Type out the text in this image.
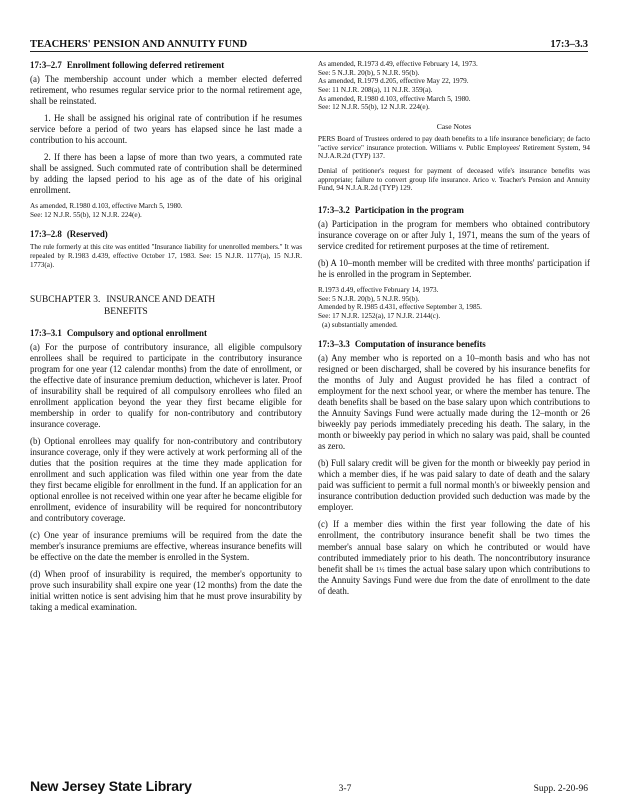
TEACHERS' PENSION AND ANNUITY FUND	17:3–3.3
17:3–2.7 Enrollment following deferred retirement

(a) The membership account under which a member elected deferred retirement, who resumes regular service prior to the normal retirement age, shall be reinstated.

1. He shall be assigned his original rate of contribution if he resumes service before a period of two years has elapsed since he last made a contribution to his account.

2. If there has been a lapse of more than two years, a commuted rate shall be assigned. Such commuted rate of contribution shall be determined by adding the lapsed period to his age as of the date of his original enrollment.

As amended, R.1980 d.103, effective March 5, 1980.
See: 12 N.J.R. 55(b), 12 N.J.R. 224(e).
17:3–2.8 (Reserved)
The rule formerly at this cite was entitled "Insurance liability for unenrolled members." It was repealed by R.1983 d.439, effective October 17, 1983. See: 15 N.J.R. 1177(a), 15 N.J.R. 1773(a).
SUBCHAPTER 3. INSURANCE AND DEATH
BENEFITS
17:3–3.1 Compulsory and optional enrollment

(a) For the purpose of contributory insurance, all eligible compulsory enrollees shall be required to participate in the contributory insurance program for one year (12 calendar months) from the date of enrollment, or the effective date of insurance premium deduction, whichever is later. Proof of insurability shall be required of all compulsory enrollees who filed an enrollment application beyond the year they first became eligible for membership in order to qualify for non-contributory and contributory insurance coverage.

(b) Optional enrollees may qualify for non-contributory and contributory insurance coverage, only if they were actively at work performing all of the duties that the position requires at the time they made application for enrollment and such application was filed within one year from the date they first became eligible for enrollment in the fund. If an application for an optional enrollee is not received within one year after he became eligible for enrollment, evidence of insurability will be required for noncontributory and contributory coverage.

(c) One year of insurance premiums will be required from the date the member's insurance premiums are effective, whereas insurance benefits will be effective on the date the member is enrolled in the System.

(d) When proof of insurability is required, the member's opportunity to prove such insurability shall expire one year (12 months) from the date the initial written notice is sent advising him that he must prove insurability by taking a medical examination.

As amended, R.1973 d.49, effective February 14, 1973.
See: 5 N.J.R. 20(b), 5 N.J.R. 95(b).
As amended, R.1979 d.205, effective May 22, 1979.
See: 11 N.J.R. 208(a), 11 N.J.R. 359(a).
As amended, R.1980 d.103, effective March 5, 1980.
See: 12 N.J.R. 55(b), 12 N.J.R. 224(e).
Case Notes
PERS Board of Trustees ordered to pay death benefits to a life insurance beneficiary; de facto "active service" insurance protection. Williams v. Public Employees' Retirement System, 94 N.J.A.R.2d (TYP) 137.
Denial of petitioner's request for payment of deceased wife's insurance benefits was appropriate; failure to convert group life insurance. Arico v. Teacher's Pension and Annuity Fund, 94 N.J.A.R.2d (TYP) 129.
17:3–3.2 Participation in the program

(a) Participation in the program for members who obtained contributory insurance coverage on or after July 1, 1971, means the sum of the years of service credited for retirement purposes at the time of retirement.

(b) A 10–month member will be credited with three months' participation if he is enrolled in the program in September.

R.1973 d.49, effective February 14, 1973.
See: 5 N.J.R. 20(b), 5 N.J.R. 95(b).
Amended by R.1985 d.431, effective September 3, 1985.
See: 17 N.J.R. 1252(a), 17 N.J.R. 2144(c).
(a) substantially amended.
17:3–3.3 Computation of insurance benefits

(a) Any member who is reported on a 10–month basis and who has not resigned or been discharged, shall be covered by his insurance benefits for the months of July and August provided he has filed a contract of employment for the next school year, or where the member has tenure. The death benefits shall be based on the base salary upon which contributions to the Annuity Savings Fund were actually made during the 12–month or 26 biweekly pay periods immediately preceding his death. The salary, in the month or biweekly pay period in which no salary was paid, shall be counted as zero.

(b) Full salary credit will be given for the month or biweekly pay period in which a member dies, if he was paid salary to date of death and the salary paid was sufficient to permit a full normal month's or biweekly pension and insurance contribution deduction provided such deduction was made by the employer.

(c) If a member dies within the first year following the date of his enrollment, the contributory insurance benefit shall be two times the member's annual base salary on which he contributed or would have contributed immediately prior to his death. The noncontributory insurance benefit shall be 1½ times the actual base salary upon which contributions to the Annuity Savings Fund were due from the date of enrollment to the date of death.

New Jersey State Library	3-7	Supp. 2-20-96
